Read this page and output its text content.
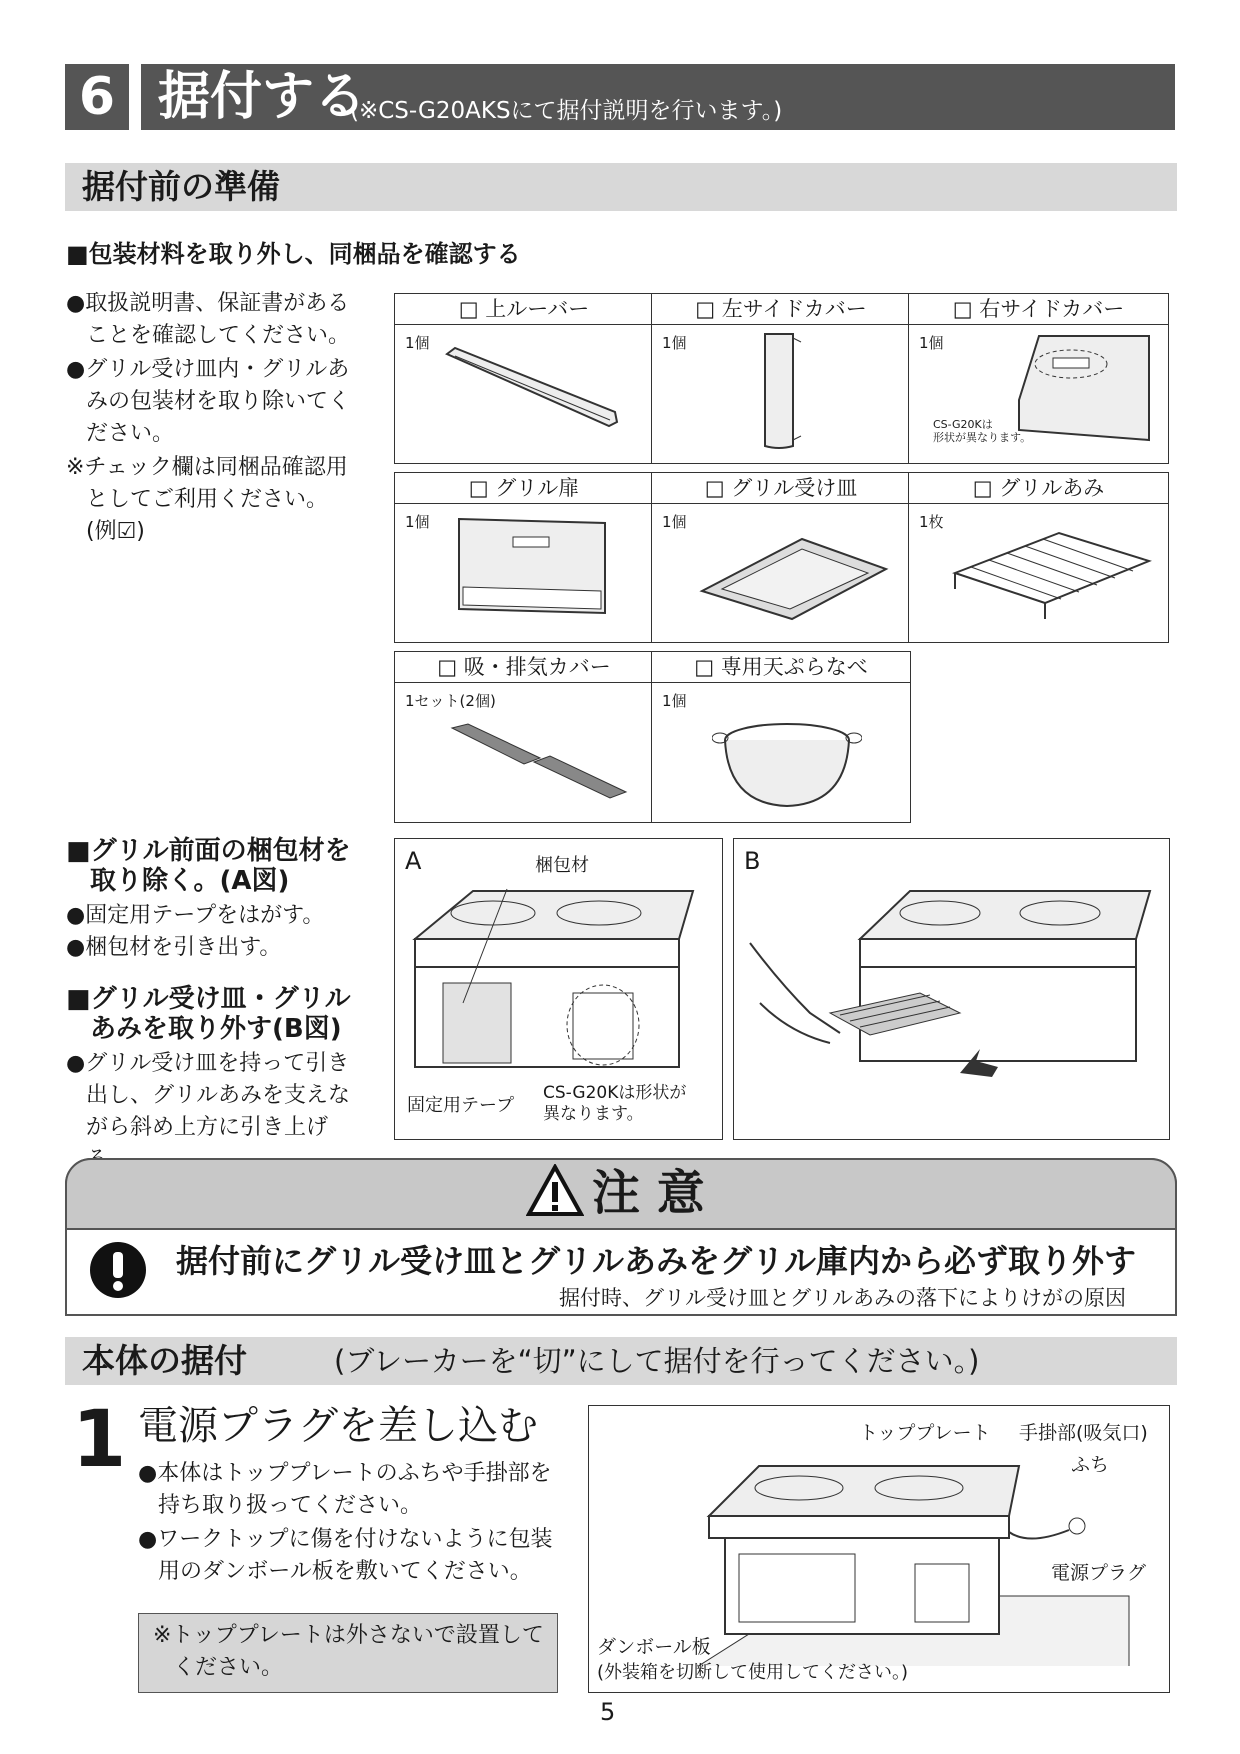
6 据付する
(※CS-G20AKSにて据付説明を行います。)
据付前の準備
■包装材料を取り外し、同梱品を確認する

●取扱説明書、保証書があることを確認してください。

●グリル受け皿内・グリルあみの包装材を取り除いてください。

※チェック欄は同梱品確認用としてご利用ください。(例☑)

□ 上ルーバー
1個
□ 左サイドカバー
1個
□ 右サイドカバー
1個
CS-G20Kは
形状が異なります。
□ グリル扉
1個
□ グリル受け皿
1個
□ グリルあみ
1枚
□ 吸・排気カバー
1セット(2個)
□ 専用天ぷらなべ
1個
■グリル前面の梱包材を
取り除く。(A図)

●固定用テープをはがす。

●梱包材を引き出す。

■グリル受け皿・グリル
あみを取り外す(B図)

●グリル受け皿を持って引き出し、グリルあみを支えながら斜め上方に引き上げ

A	梱包材
固定用テープ
CS-G20Kは形状が
異なります。
B
注 意
据付前にグリル受け皿とグリルあみをグリル庫内から必ず取り外す
据付時、グリル受け皿とグリルあみの落下によりけがの原因
本体の据付	(ブレーカーを“切”にして据付を行ってください。)
1 電源プラグを差し込む

●本体はトッププレートのふちや手掛部を持ち取り扱ってください。

●ワークトップに傷を付けないように包装用のダンボール板を敷いてください。

※トッププレートは外さないで設置してください。

トッププレート 手掛部(吸気口)
ふち
電源プラグ
ダンボール板
(外装箱を切断して使用してください。)
5
